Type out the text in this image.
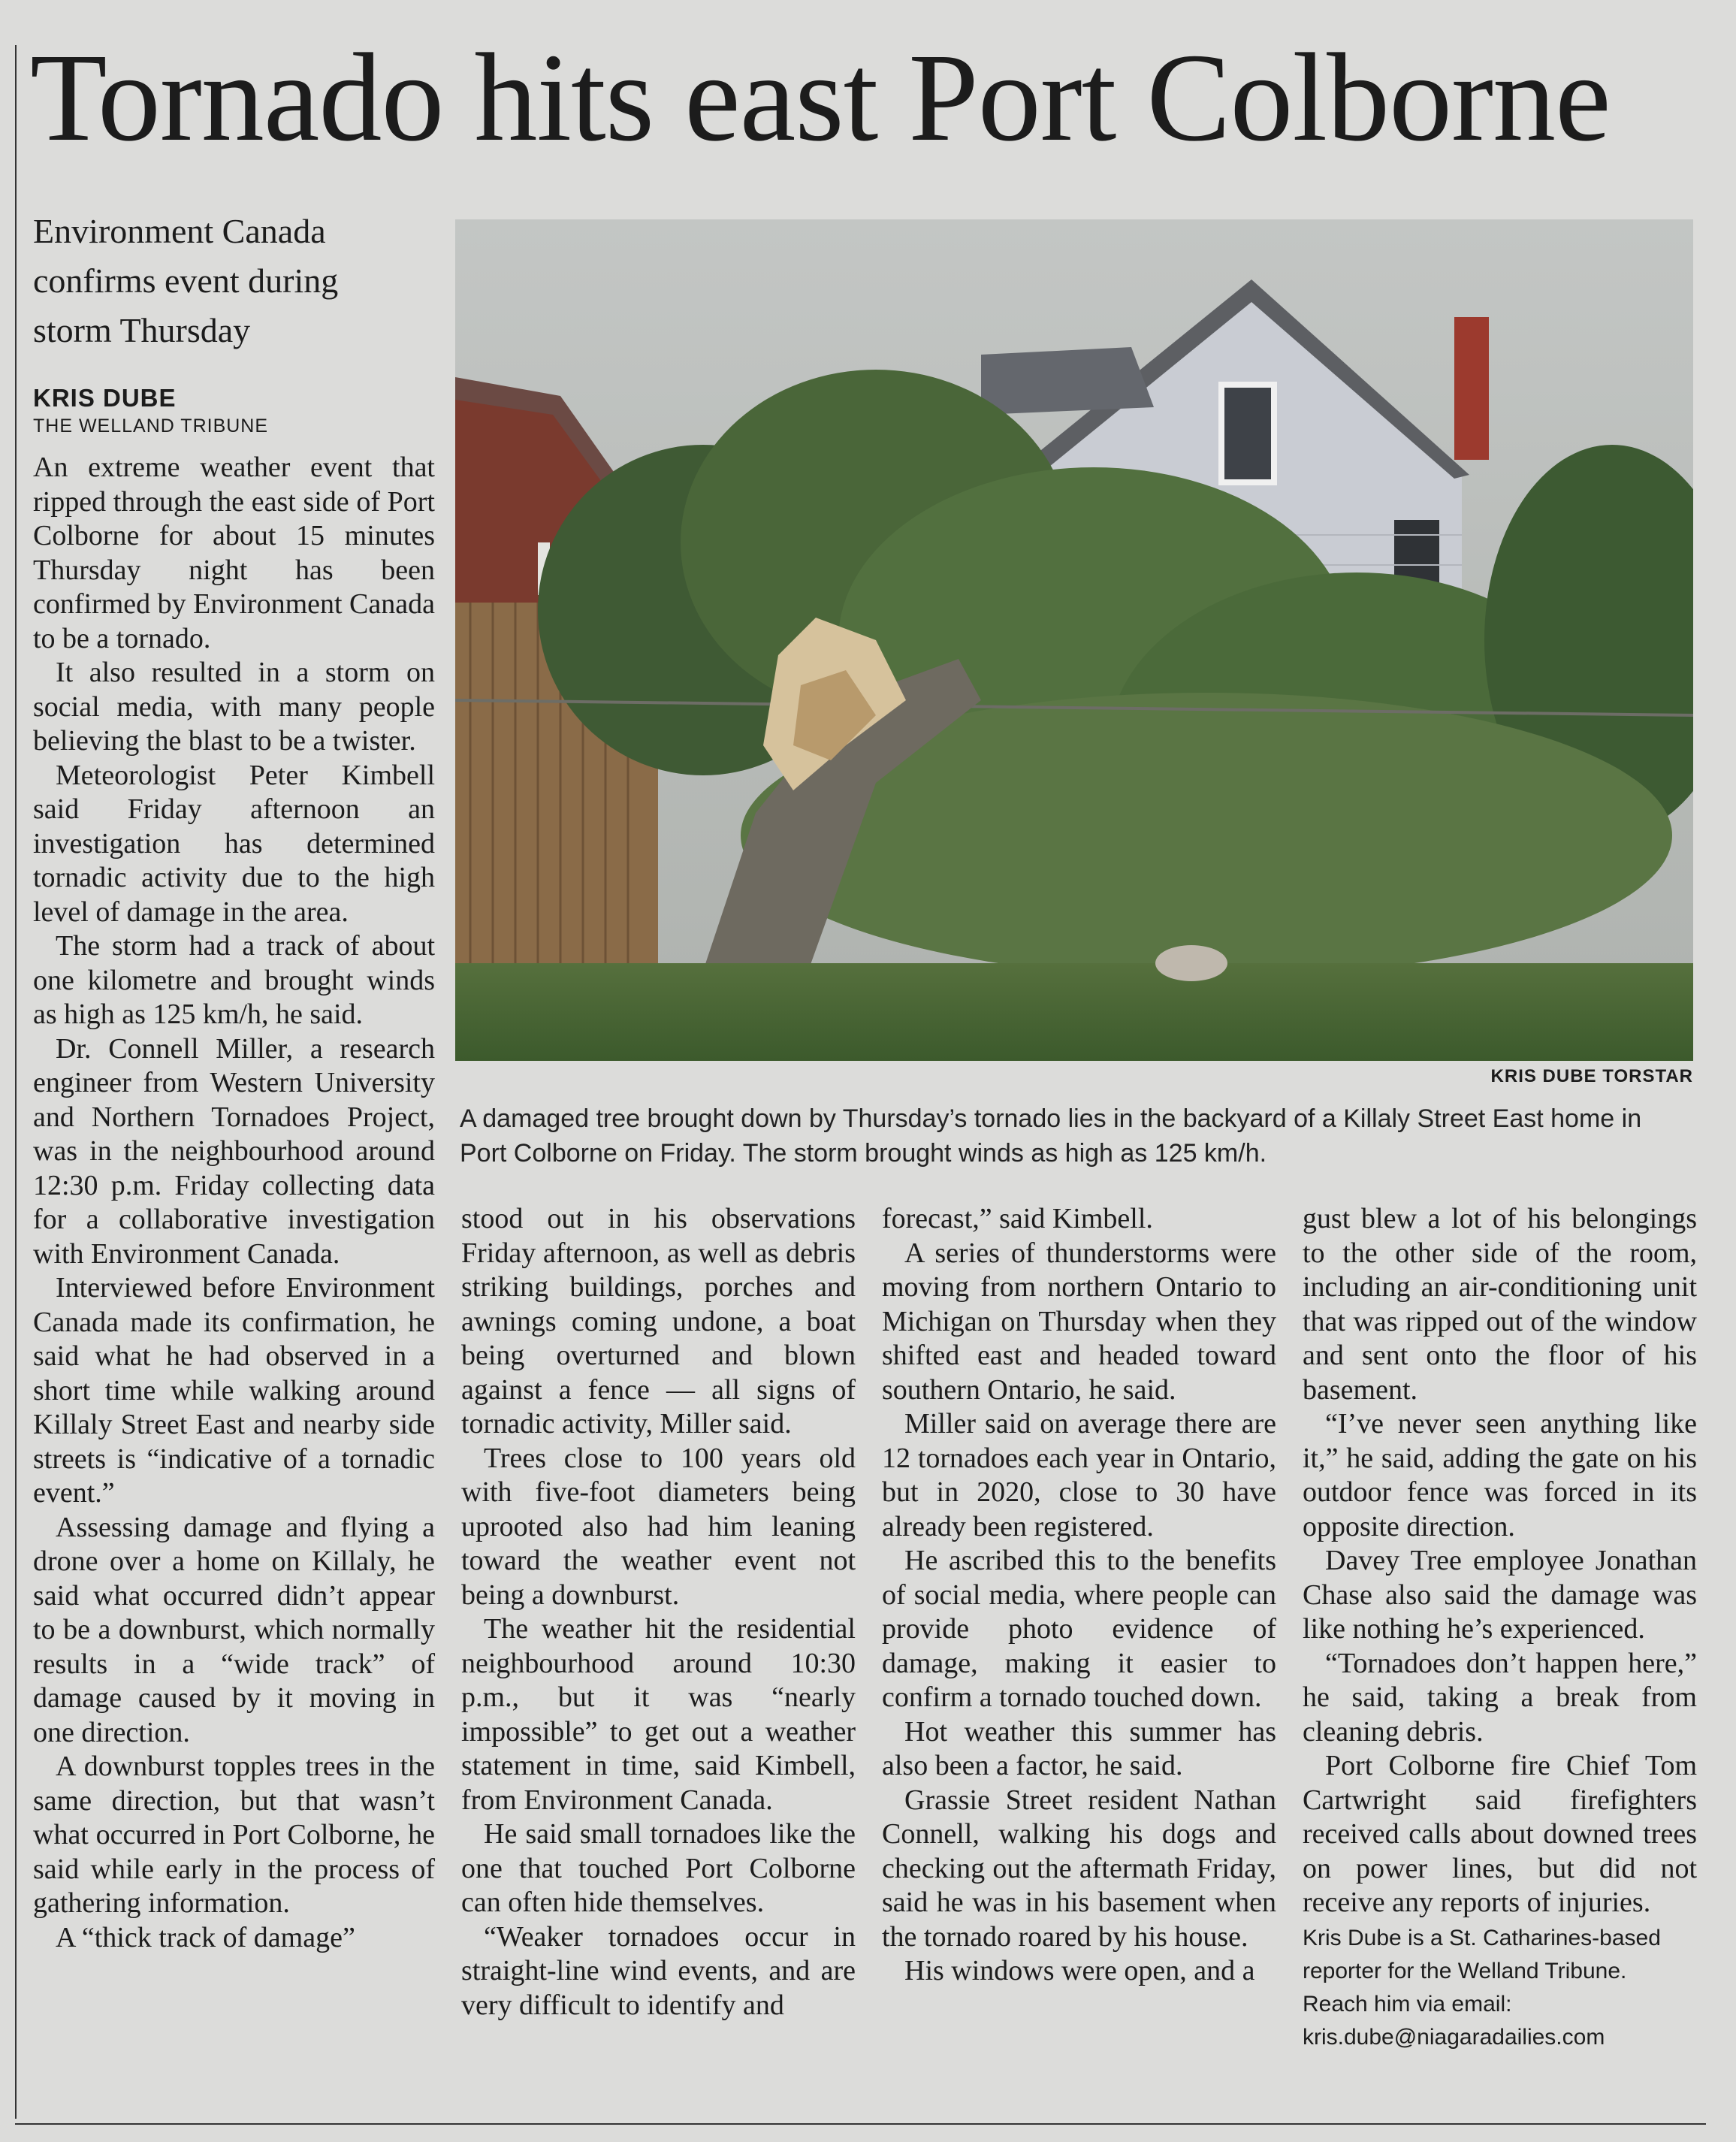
Tornado hits east Port Colborne
Environment Canada confirms event during storm Thursday
KRIS DUBE
THE WELLAND TRIBUNE
KRIS DUBE TORSTAR
A damaged tree brought down by Thursday’s tornado lies in the backyard of a Killaly Street East home in Port Colborne on Friday. The storm brought winds as high as 125 km/h.

An extreme weather event that ripped through the east side of Port Colborne for about 15 minutes Thursday night has been confirmed by Environment Canada to be a tornado.

It also resulted in a storm on social media, with many people believing the blast to be a twister.

Meteorologist Peter Kimbell said Friday afternoon an investigation has determined tornadic activity due to the high level of damage in the area.

The storm had a track of about one kilometre and brought winds as high as 125 km/h, he said.

Dr. Connell Miller, a research engineer from Western University and Northern Tornadoes Project, was in the neighbourhood around 12:30 p.m. Friday collecting data for a collaborative investigation with Environment Canada.

Interviewed before Environment Canada made its confirmation, he said what he had observed in a short time while walking around Killaly Street East and nearby side streets is “indicative of a tornadic event.”

Assessing damage and flying a drone over a home on Killaly, he said what occurred didn’t appear to be a downburst, which normally results in a “wide track” of damage caused by it moving in one direction.

A downburst topples trees in the same direction, but that wasn’t what occurred in Port Colborne, he said while early in the process of gathering information.

A “thick track of damage”

stood out in his observations Friday afternoon, as well as debris striking buildings, porches and awnings coming undone, a boat being overturned and blown against a fence — all signs of tornadic activity, Miller said.

Trees close to 100 years old with five-foot diameters being uprooted also had him leaning toward the weather event not being a downburst.

The weather hit the residential neighbourhood around 10:30 p.m., but it was “nearly impossible” to get out a weather statement in time, said Kimbell, from Environment Canada.

He said small tornadoes like the one that touched Port Colborne can often hide themselves.

“Weaker tornadoes occur in straight-line wind events, and are very difficult to identify and

forecast,” said Kimbell.

A series of thunderstorms were moving from northern Ontario to Michigan on Thursday when they shifted east and headed toward southern Ontario, he said.

Miller said on average there are 12 tornadoes each year in Ontario, but in 2020, close to 30 have already been registered.

He ascribed this to the benefits of social media, where people can provide photo evidence of damage, making it easier to confirm a tornado touched down.

Hot weather this summer has also been a factor, he said.

Grassie Street resident Nathan Connell, walking his dogs and checking out the aftermath Friday, said he was in his basement when the tornado roared by his house.

His windows were open, and a

gust blew a lot of his belongings to the other side of the room, including an air-conditioning unit that was ripped out of the window and sent onto the floor of his basement.

“I’ve never seen anything like it,” he said, adding the gate on his outdoor fence was forced in its opposite direction.

Davey Tree employee Jonathan Chase also said the damage was like nothing he’s experienced.

“Tornadoes don’t happen here,” he said, taking a break from cleaning debris.

Port Colborne fire Chief Tom Cartwright said firefighters received calls about downed trees on power lines, but did not receive any reports of injuries.

Kris Dube is a St. Catharines-based reporter for the Welland Tribune. Reach him via email: kris.dube@niagaradailies.com
